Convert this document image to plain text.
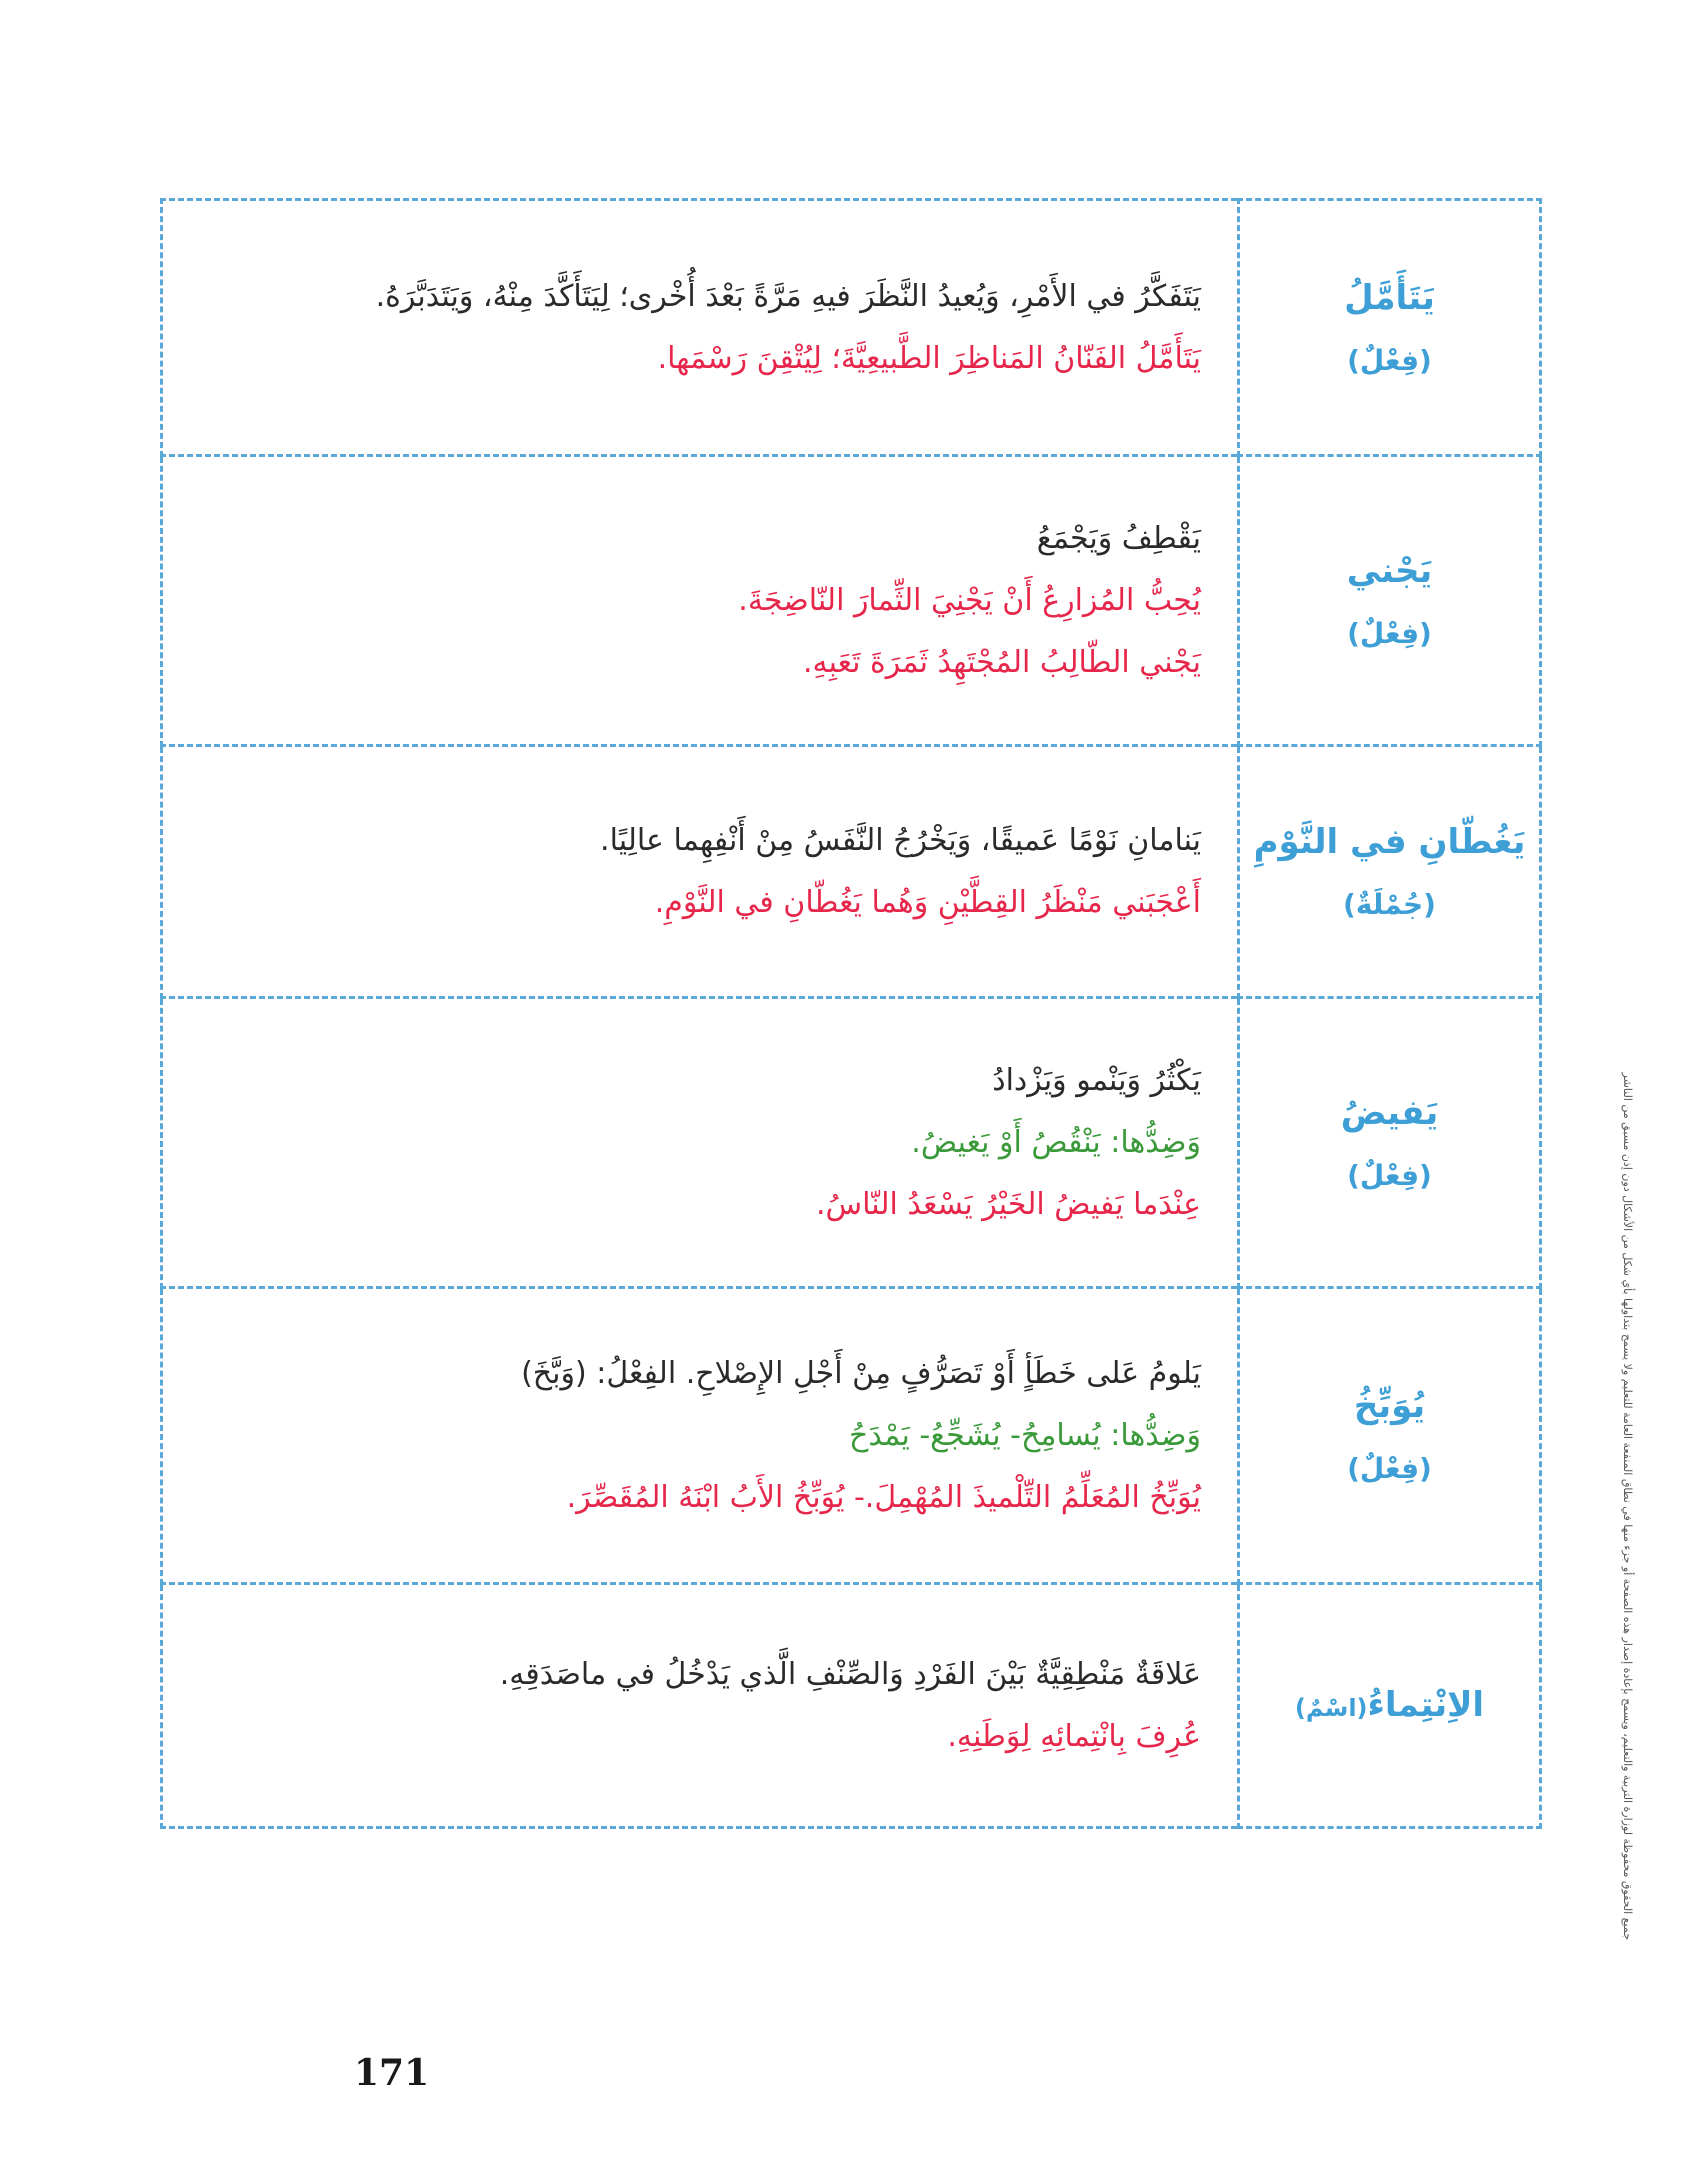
يَتَأَمَّلُ
(فِعْلٌ)	يَتَفَكَّرُ في الأَمْرِ، وَيُعيدُ النَّظَرَ فيهِ مَرَّةً بَعْدَ أُخْرى؛ لِيَتَأَكَّدَ مِنْهُ، وَيَتَدَبَّرَهُ.
يَتَأَمَّلُ الفَنّانُ المَناظِرَ الطَّبيعِيَّةَ؛ لِيُتْقِنَ رَسْمَها.

يَجْني
(فِعْلٌ)	يَقْطِفُ وَيَجْمَعُ
يُحِبُّ المُزارِعُ أَنْ يَجْنِيَ الثِّمارَ النّاضِجَةَ.
يَجْني الطّالِبُ المُجْتَهِدُ ثَمَرَةَ تَعَبِهِ.

يَغُطّانِ في النَّوْمِ
(جُمْلَةٌ)	يَنامانِ نَوْمًا عَميقًا، وَيَخْرُجُ النَّفَسُ مِنْ أَنْفِهِما عالِيًا.
أَعْجَبَني مَنْظَرُ القِطَّيْنِ وَهُما يَغُطّانِ في النَّوْمِ.

يَفيضُ
(فِعْلٌ)	يَكْثُرُ وَيَنْمو وَيَزْدادُ
وَضِدُّها: يَنْقُصُ أَوْ يَغيضُ.
عِنْدَما يَفيضُ الخَيْرُ يَسْعَدُ النّاسُ.

يُوَبِّخُ
(فِعْلٌ)	يَلومُ عَلى خَطَأٍ أَوْ تَصَرُّفٍ مِنْ أَجْلِ الإِصْلاحِ. الفِعْلُ: (وَبَّخَ)
وَضِدُّها: يُسامِحُ- يُشَجِّعُ- يَمْدَحُ
يُوَبِّخُ المُعَلِّمُ التِّلْميذَ المُهْمِلَ.- يُوَبِّخُ الأَبُ ابْنَهُ المُقَصِّرَ.

الاِنْتِماءُ(اسْمٌ)	عَلاقَةٌ مَنْطِقِيَّةٌ بَيْنَ الفَرْدِ وَالصِّنْفِ الَّذي يَدْخُلُ في ماصَدَقِهِ.
عُرِفَ بِانْتِمائِهِ لِوَطَنِهِ.	جميع الحقوق محفوظة لوزارة التربية والتعليم، ويسمح بإعادة إصدار هذه الصفحة أو جزء منها في نطاق المنفعة العامة للتعليم ولا يسمح بتداولها بأي شكل من الأشكال دون إذن مسبق من الناشر
171
